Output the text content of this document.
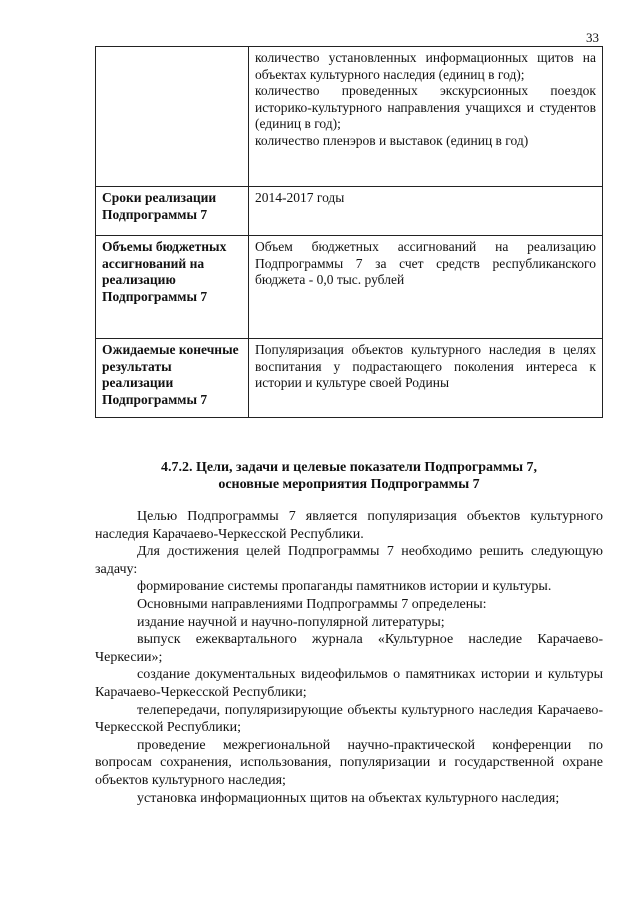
33

	количество установленных информационных щитов на объектах культурного наследия (единиц в год);
количество проведенных экскурсионных поездок историко-культурного направления учащихся и студентов (единиц в год);
количество пленэров и выставок (единиц в год)

Сроки реализации Подпрограммы 7	2014-2017 годы
Объемы бюджетных ассигнований на реализацию Подпрограммы 7	Объем бюджетных ассигнований на реализацию Подпрограммы 7 за счет средств республиканского бюджета - 0,0 тыс. рублей
Ожидаемые конечные результаты реализации Подпрограммы 7	Популяризация объектов культурного наследия в целях воспитания у подрастающего поколения интереса к истории и культуре своей Родины
4.7.2. Цели, задачи и целевые показатели Подпрограммы 7,
основные мероприятия Подпрограммы 7

Целью Подпрограммы 7 является популяризация объектов культурного наследия Карачаево-Черкесской Республики.

Для достижения целей Подпрограммы 7 необходимо решить следующую задачу:

формирование системы пропаганды памятников истории и культуры.

Основными направлениями Подпрограммы 7 определены:

издание научной и научно-популярной литературы;

выпуск ежеквартального журнала «Культурное наследие Карачаево-Черкесии»;

создание документальных видеофильмов о памятниках истории и культуры Карачаево-Черкесской Республики;

телепередачи, популяризирующие объекты культурного наследия Карачаево-Черкесской Республики;

проведение межрегиональной научно-практической конференции по вопросам сохранения, использования, популяризации и государственной охране объектов культурного наследия;

установка информационных щитов на объектах культурного наследия;
